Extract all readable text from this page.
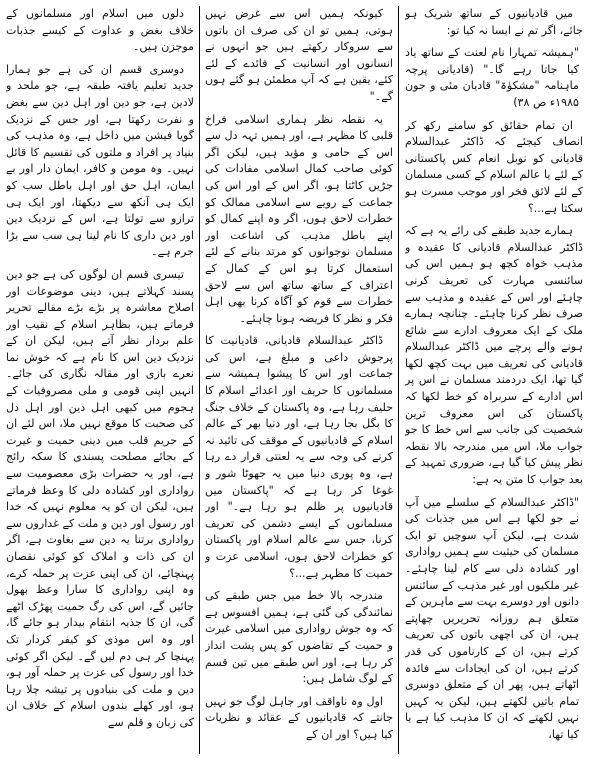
میں قادیانیوں کے ساتھ شریک ہو جائے، اگر تم نے ایسا نہ کیا تو:

"ہمیشہ تمہارا نام لعنت کے ساتھ یاد کیا جاتا رہے گا۔" (قادیانی پرچہ ماہنامہ "مشکوٰۃ" قادیان مئی و جون ۱۹۸۵ء ص ۳۸)

ان تمام حقائق کو سامنے رکھ کر انصاف کیجئے کہ ڈاکٹر عبدالسلام قادیانی کو نوبل انعام کس پاکستانی کے لئے یا عالم اسلام کے کسی مسلمان کے لئے لائق فخر اور موجب مسرت ہو سکتا ہے...؟

ہمارے جدید طبقے کی رائے یہ ہے کہ ڈاکٹر عبدالسلام قادیانی کا عقیدہ و مذہب خواہ کچھ ہو ہمیں اس کی سائنسی مہارت کی تعریف کرنی چاہئے اور اس کے عقیدہ و مذہب سے صرف نظر کرنا چاہئے۔ چنانچہ ہمارے ملک کے ایک معروف ادارے سے شائع ہونے والے پرچے میں ڈاکٹر عبدالسلام قادیانی کی تعریف میں بہت کچھ لکھا گیا تھا، ایک دردمند مسلمان نے اس پر اس ادارے کے سربراہ کو خط لکھا کہ پاکستان کی اس معروف ترین شخصیت کی جانب سے اس خط کا جو جواب ملا، اس میں مندرجہ بالا نقطہ نظر پیش کیا گیا ہے، ضروری تمہید کے بعد جواب کا متن یہ ہے:

"ڈاکٹر عبدالسلام کے سلسلے میں آپ نے جو لکھا ہے اس میں جذبات کی شدت ہے، لیکن آپ سوچیں تو ایک مسلمان کی حیثیت سے ہمیں رواداری اور کشادہ دلی سے کام لینا چاہئے۔ غیر ملکیوں اور غیر مذہب کے سائنس دانوں اور دوسرے بہت سے ماہرین کے متعلق ہم روزانہ تحریریں چھاپتے ہیں، ان کی اچھی باتوں کی تعریف کرتے ہیں، ان کے کارناموں کی قدر کرتے ہیں، ان کی ایجادات سے فائدہ اٹھاتے ہیں، پھر ان کے متعلق دوسری تمام باتیں لکھتے ہیں، لیکن یہ کہیں نہیں لکھتے کہ ان کا مذہب کیا ہے یا کیا تھا،

کیونکہ ہمیں اس سے غرض نہیں ہوتی، ہمیں تو ان کی صرف ان باتوں سے سروکار رکھتے ہیں جو انہوں نے انسانوں اور انسانیت کے فائدے کے لئے کئے، یقین ہے کہ آپ مطمئن ہو گئے ہوں گے۔"

یہ نقطہ نظر ہماری اسلامی فراخ قلبی کا مظہر ہے، اور ہمیں تہہ دل سے اس کے حامی و مؤید ہیں، لیکن اگر کوئی صاحب کمال اسلامی مفادات کی جڑیں کاٹتا ہو، اگر اس کے اور اس کی جماعت کے رویے سے اسلامی ممالک کو خطرات لاحق ہوں، اگر وہ اپنے کمال کو اپنے باطل مذہب کی اشاعت اور مسلمان نوجوانوں کو مرتد بنانے کے لئے استعمال کرتا ہو اس کے کمال کے اعتراف کے ساتھ ساتھ اس سے لاحق خطرات سے قوم کو آگاہ کرنا بھی اہل فکر و نظر کا فریضہ ہونا چاہئے۔

ڈاکٹر عبدالسلام قادیانی، قادیانیت کا پرجوش داعی و مبلغ ہے، اس کی جماعت اور اس کا پیشوا ہمیشہ سے مسلمانوں کا حریف اور اعدائے اسلام کا حلیف رہا ہے، وہ پاکستان کے خلاف جنگ کا بگل بجا رہا ہے، اور دنیا بھر کے عالم اسلام کے قادیانیوں کے موقف کی تائید نہ کرنے کی وجہ سے یہ لعنتی قرار دے رہا ہے، وہ پوری دنیا میں یہ جھوٹا شور و غوغا کر رہا ہے کہ "پاکستان میں قادیانیوں پر ظلم ہو رہا ہے۔" اور مسلمانوں کے ایسے دشمن کی تعریف کرنا، جس سے عالم اسلام اور پاکستان کو خطرات لاحق ہوں، اسلامی عزت و حمیت کا مظہر ہے...؟

مندرجہ بالا خط میں جس طبقے کی نمائندگی کی گئی ہے، ہمیں افسوس ہے کہ وہ جوش رواداری میں اسلامی غیرت و حمیت کے تقاضوں کو پس پشت انداز کر رہا ہے، اور اس طبقے میں تین قسم کے لوگ شامل ہیں:

اول وہ ناواقف اور جاہل لوگ جو نہیں جانتے کہ قادیانیوں کے عقائد و نظریات کیا ہیں؟ اور ان کے

دلوں میں اسلام اور مسلمانوں کے خلاف بغض و عداوت کے کیسے جذبات موجزن ہیں۔

دوسری قسم ان کی ہے جو ہمارا جدید تعلیم یافتہ طبقہ ہے، جو ملحد و لادین ہے، جو دین اور اہل دین سے بغض و نفرت رکھتا ہے، اور جس کے نزدیک گویا فیشن میں داخل ہے، وہ مذہب کی بنیاد پر افراد و ملتوں کی تقسیم کا قائل نہیں۔ وہ مومن و کافر، ایمان دار اور بے ایمان، اہل حق اور اہل باطل سب کو ایک ہی آنکھ سے دیکھتا، اور ایک ہی ترازو سے تولتا ہے، اس کے نزدیک دین اور دین داری کا نام لینا ہی سب سے بڑا جرم ہے۔

تیسری قسم ان لوگوں کی ہے جو دین پسند کہلاتے ہیں، دینی موضوعات اور اصلاح معاشرہ پر بڑے بڑے مقالے تحریر فرماتے ہیں، بظاہر اسلام کے نقیب اور علم بردار نظر آتے ہیں، لیکن ان کے نزدیک دین اس کا نام ہے کہ خوش نما نعرے بازی اور مقالہ نگاری کی جائے۔ انہیں اپنی قومی و ملی مصروفیات کے ہجوم میں کبھی اہل دین اور اہل دل کی صحبت کا موقع نہیں ملا، اس لئے ان کے حریم قلب میں دینی حمیت و غیرت کے بجائے مصلحت پسندی کا سکہ رائج ہے، اور یہ حضرات بڑی معصومیت سے رواداری اور کشادہ دلی کا وعظ فرماتے ہیں، لیکن ان کو یہ معلوم نہیں کہ خدا اور رسول اور دین و ملت کے غداروں سے رواداری برتنا یہ دین سے بغاوت ہے، اگر ان کی ذات و املاک کو کوئی نقصان پہنچائے، ان کی اپنی عزت پر حملہ کرے، وہ اپنی رواداری کا سارا وعظ بھول جائیں گے، اس کی رگ حمیت پھڑک اٹھے گی، ان کا جذبہ انتقام بیدار ہو جائے گا، اور وہ اس موذی کو کیفر کردار تک پہنچا کر ہی دم لیں گے۔ لیکن اگر کوئی خدا اور رسول کی عزت پر حملہ آور ہو، دین و ملت کی بنیادوں پر تیشہ چلا رہا ہو، اور کھلے بندوں اسلام کے خلاف ان کی زبان و قلم سے
